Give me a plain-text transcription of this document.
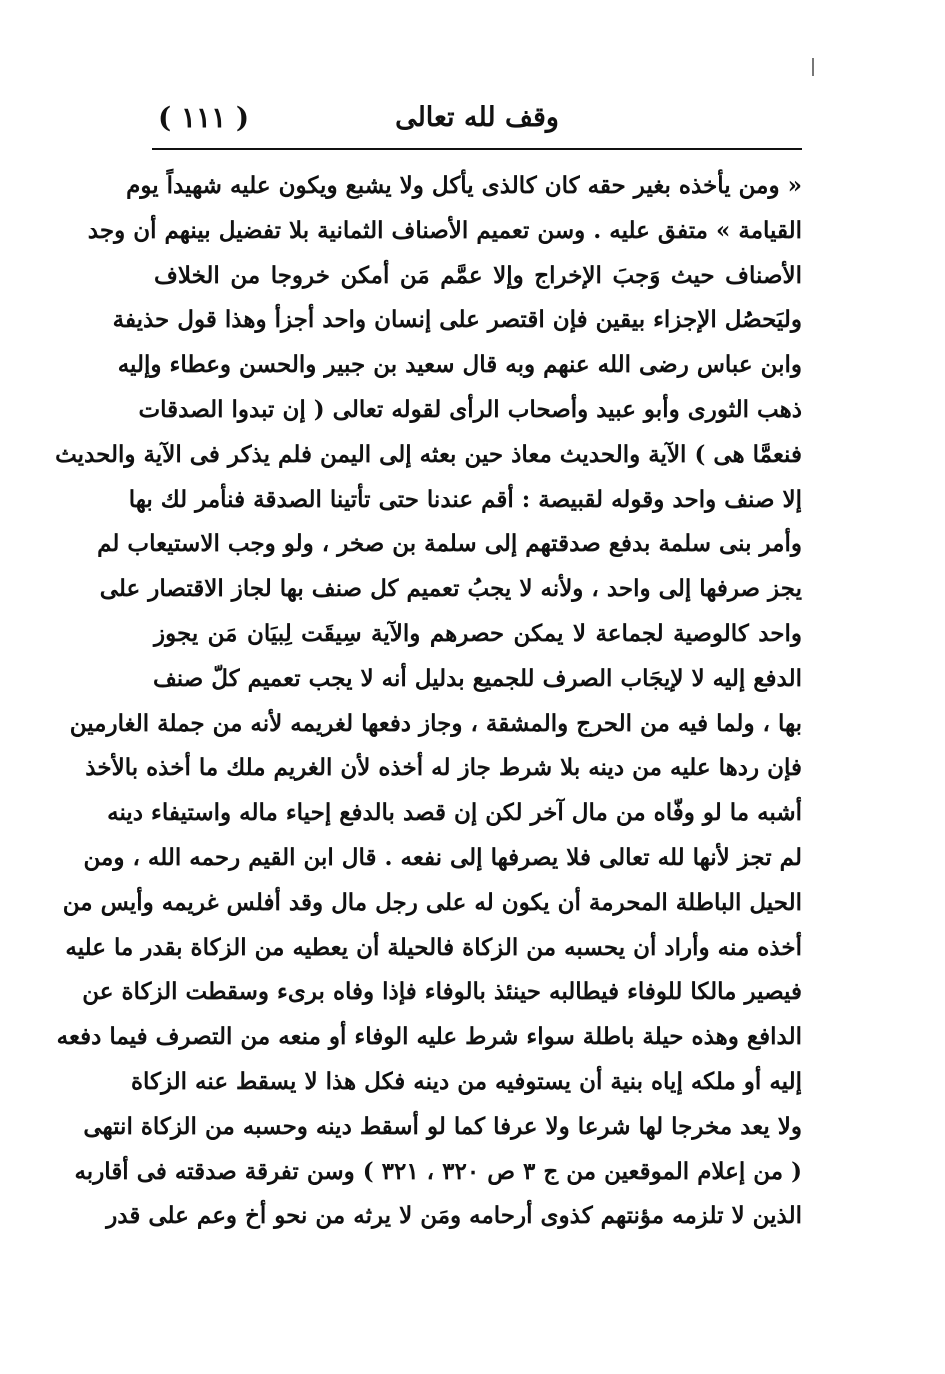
وقف لله تعالى
( ١١١ )
« ومن يأخذه بغير حقه كان كالذى يأكل ولا يشبع ويكون عليه شهيداً يوم
القيامة » متفق عليه . وسن تعميم الأصناف الثمانية بلا تفضيل بينهم أن وجد
الأصناف حيث وَجبَ الإخراج وإلا عمَّم مَن أمكن خروجا من الخلاف
وليَحصُل الإجزاء بيقين فإن اقتصر على إنسان واحد أجزأ وهذا قول حذيفة
وابن عباس رضى الله عنهم وبه قال سعيد بن جبير والحسن وعطاء وإليه
ذهب الثورى وأبو عبيد وأصحاب الرأى لقوله تعالى ( إن تبدوا الصدقات
فنعمَّا هى ) الآية والحديث معاذ حين بعثه إلى اليمن فلم يذكر فى الآية والحديث
إلا صنف واحد وقوله لقبيصة : أقم عندنا حتى تأتينا الصدقة فنأمر لك بها
وأمر بنى سلمة بدفع صدقتهم إلى سلمة بن صخر ، ولو وجب الاستيعاب لم
يجز صرفها إلى واحد ، ولأنه لا يجبُ تعميم كل صنف بها لجاز الاقتصار على
واحد كالوصية لجماعة لا يمكن حصرهم والآية سِيقَت لِبيَان مَن يجوز
الدفع إليه لا لإيجَاب الصرف للجميع بدليل أنه لا يجب تعميم كلّ صنف
بها ، ولما فيه من الحرج والمشقة ، وجاز دفعها لغريمه لأنه من جملة الغارمين
فإن ردها عليه من دينه بلا شرط جاز له أخذه لأن الغريم ملك ما أخذه بالأخذ
أشبه ما لو وفّاه من مال آخر لكن إن قصد بالدفع إحياء ماله واستيفاء دينه
لم تجز لأنها لله تعالى فلا يصرفها إلى نفعه . قال ابن القيم رحمه الله ، ومن
الحيل الباطلة المحرمة أن يكون له على رجل مال وقد أفلس غريمه وأيس من
أخذه منه وأراد أن يحسبه من الزكاة فالحيلة أن يعطيه من الزكاة بقدر ما عليه
فيصير مالكا للوفاء فيطالبه حينئذ بالوفاء فإذا وفاه برىء وسقطت الزكاة عن
الدافع وهذه حيلة باطلة سواء شرط عليه الوفاء أو منعه من التصرف فيما دفعه
إليه أو ملكه إياه بنية أن يستوفيه من دينه فكل هذا لا يسقط عنه الزكاة
ولا يعد مخرجا لها شرعا ولا عرفا كما لو أسقط دينه وحسبه من الزكاة انتهى
( من إعلام الموقعين من ج ٣ ص ٣٢٠ ، ٣٢١ ) وسن تفرقة صدقته فى أقاربه
الذين لا تلزمه مؤنتهم كذوى أرحامه ومَن لا يرثه من نحو أخ وعم على قدر
